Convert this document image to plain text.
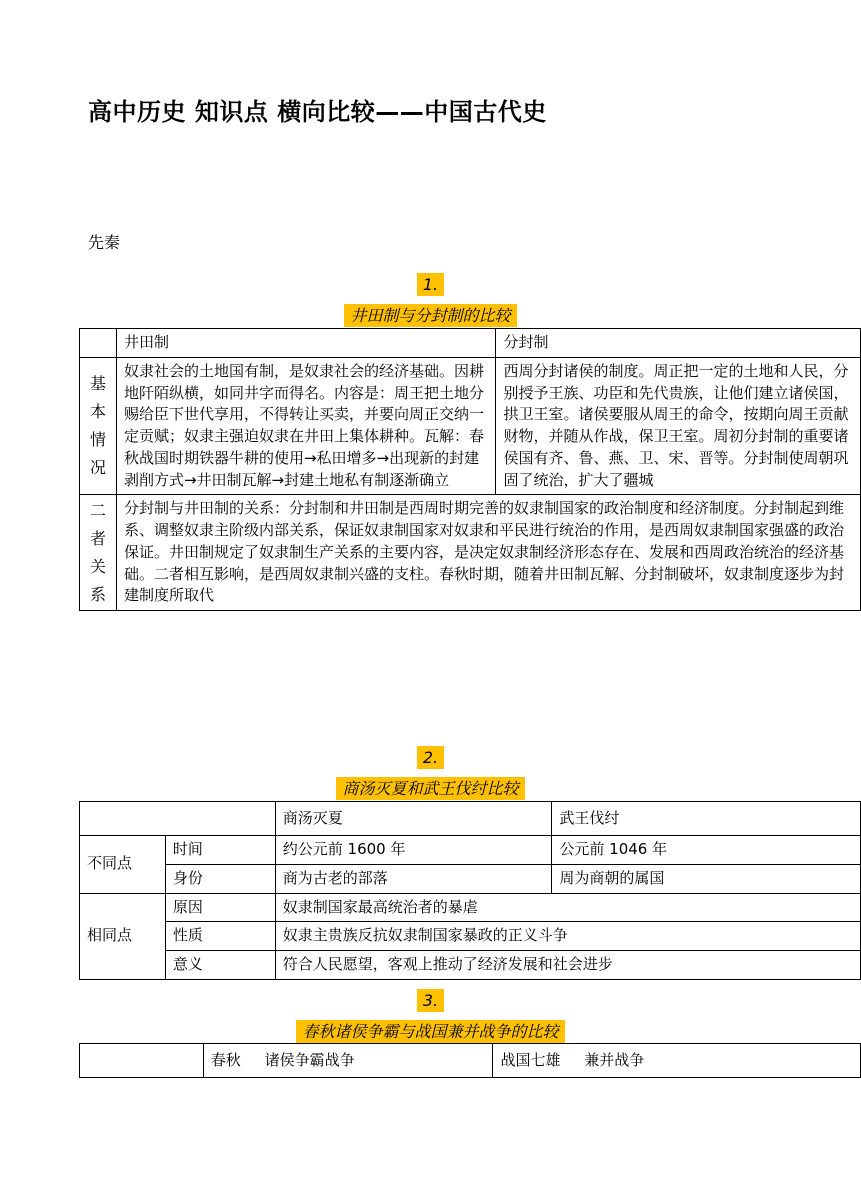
高中历史 知识点 横向比较——中国古代史
先秦
1.
井田制与分封制的比较
	井田制	分封制
基本情况	奴隶社会的土地国有制，是奴隶社会的经济基础。因耕地阡陌纵横，如同井字而得名。内容是：周王把土地分赐给臣下世代享用，不得转让买卖，并要向周正交纳一定贡赋；奴隶主强迫奴隶在井田上集体耕种。瓦解：春秋战国时期铁器牛耕的使用→私田增多→出现新的封建剥削方式→井田制瓦解→封建土地私有制逐渐确立	西周分封诸侯的制度。周正把一定的土地和人民，分别授予王族、功臣和先代贵族，让他们建立诸侯国，拱卫王室。诸侯要服从周王的命令，按期向周王贡献财物，并随从作战，保卫王室。周初分封制的重要诸侯国有齐、鲁、燕、卫、宋、晋等。分封制使周朝巩固了统治，扩大了疆城
二者关系	分封制与井田制的关系：分封制和井田制是西周时期完善的奴隶制国家的政治制度和经济制度。分封制起到维系、调整奴隶主阶级内部关系，保证奴隶制国家对奴隶和平民进行统治的作用，是西周奴隶制国家强盛的政治保证。井田制规定了奴隶制生产关系的主要内容，是决定奴隶制经济形态存在、发展和西周政治统治的经济基础。二者相互影响，是西周奴隶制兴盛的支柱。春秋时期，随着井田制瓦解、分封制破坏，奴隶制度逐步为封建制度所取代	
2.
商汤灭夏和武王伐纣比较
		商汤灭夏	武王伐纣
不同点	时间	约公元前 1600 年	公元前 1046 年
	身份	商为古老的部落	周为商朝的属国
相同点	原因	奴隶制国家最高统治者的暴虐	
	性质	奴隶主贵族反抗奴隶制国家暴政的正义斗争	
	意义	符合人民愿望，客观上推动了经济发展和社会进步	
3.
春秋诸侯争霸与战国兼并战争的比较
	春秋     诸侯争霸战争	战国七雄     兼并战争
